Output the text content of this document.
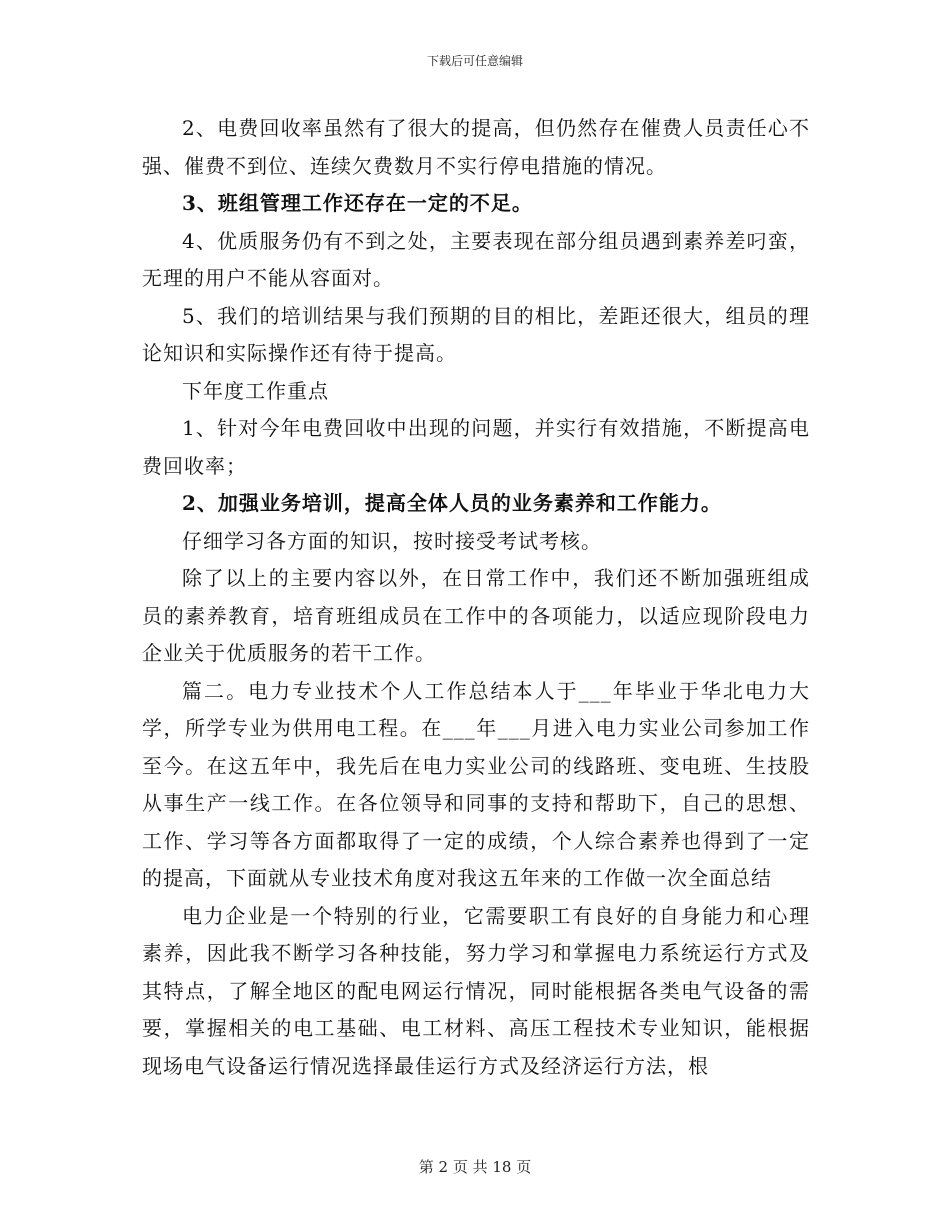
下载后可任意编辑

2、电费回收率虽然有了很大的提高，但仍然存在催费人员责任心不强、催费不到位、连续欠费数月不实行停电措施的情况。

3、班组管理工作还存在一定的不足。

4、优质服务仍有不到之处，主要表现在部分组员遇到素养差叼蛮，无理的用户不能从容面对。

5、我们的培训结果与我们预期的目的相比，差距还很大，组员的理论知识和实际操作还有待于提高。

下年度工作重点

1、针对今年电费回收中出现的问题，并实行有效措施，不断提高电费回收率；

2、加强业务培训，提高全体人员的业务素养和工作能力。

仔细学习各方面的知识，按时接受考试考核。

除了以上的主要内容以外，在日常工作中，我们还不断加强班组成员的素养教育，培育班组成员在工作中的各项能力，以适应现阶段电力企业关于优质服务的若干工作。

篇二。电力专业技术个人工作总结本人于___年毕业于华北电力大学，所学专业为供用电工程。在___年___月进入电力实业公司参加工作至今。在这五年中，我先后在电力实业公司的线路班、变电班、生技股从事生产一线工作。在各位领导和同事的支持和帮助下，自己的思想、工作、学习等各方面都取得了一定的成绩，个人综合素养也得到了一定的提高，下面就从专业技术角度对我这五年来的工作做一次全面总结

电力企业是一个特别的行业，它需要职工有良好的自身能力和心理素养，因此我不断学习各种技能，努力学习和掌握电力系统运行方式及其特点，了解全地区的配电网运行情况，同时能根据各类电气设备的需要，掌握相关的电工基础、电工材料、高压工程技术专业知识，能根据现场电气设备运行情况选择最佳运行方式及经济运行方法，根

第 2 页 共 18 页
